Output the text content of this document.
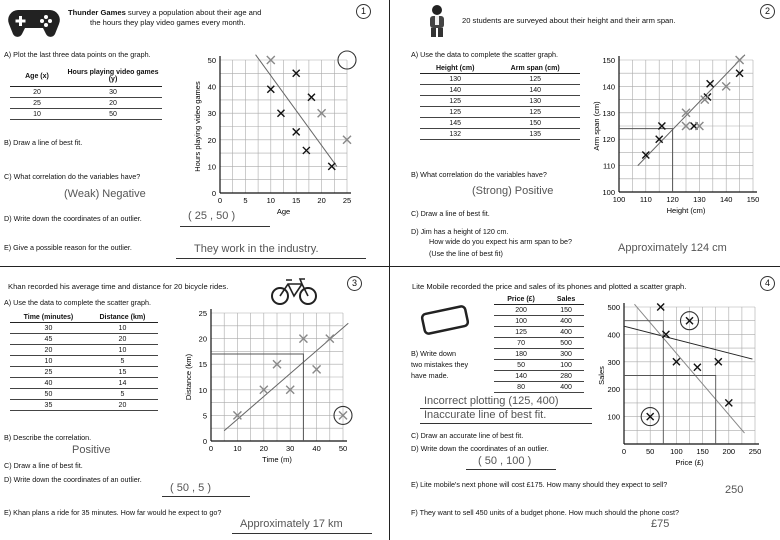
Thunder Games survey a population about their age and
the hours they play video games every month.
1
A) Plot the last three data points on the graph.
Age (x)	Hours playing video games (y)
20	30
25	20
10	50
B) Draw a line of best fit.
C) What correlation do the variables have?
(Weak) Negative
D) Write down the coordinates of an outlier.	( 25 , 50 )
E) Give a possible reason for the outlier.	They work in the industry.
0	5	10 15 20 25
0
10
20
30
40
50
Age
Hours playing video games
20 students are surveyed about their height and their arm span.
2
A) Use the data to complete the scatter graph.
Height (cm)	Arm span (cm)
130	125
140	140
125	130
125	125
145	150
132	135
B) What correlation do the variables have?
(Strong) Positive
C) Draw a line of best fit.
D) Jim has a height of 120 cm.
How wide do you expect his arm span to be?
(Use the line of best fit)	Approximately 124 cm
100 110 120 130 140 150
100
110
120
130
140
150
Height (cm)
Arm span (cm)
Khan recorded his average time and distance for 20 bicycle rides.	3
A) Use the data to complete the scatter graph.
Time (minutes)	Distance (km)
30	10
45	20
20	10
10	5
25	15
40	14
50	5
35	20
B) Describe the correlation.
Positive
C) Draw a line of best fit.
D) Write down the coordinates of an outlier.
( 50 , 5 )
E) Khan plans a ride for 35 minutes. How far would he expect to go?
Approximately 17 km
0	10 20 30 40 50
0
5
10
15
20
25
Time (m)
Distance (km)
Lite Mobile recorded the price and sales of its phones and plotted a scatter graph.	4
Price (£)	Sales
200	150
100	400
125	400
70	500
180	300
50	100
140	280
80	400
B) Write down
two mistakes they
have made.
Incorrect plotting (125, 400)
Inaccurate line of best fit.
C) Draw an accurate line of best fit.
D) Write down the coordinates of an outlier.
( 50 , 100 )
E) Lite mobile's next phone will cost £175. How many should they expect to sell?	250
F) They want to sell 450 units of a budget phone. How much should the phone cost?
£75
0	50 100 150 200 250
100
200
300
400
500
Price (£)
Sales
